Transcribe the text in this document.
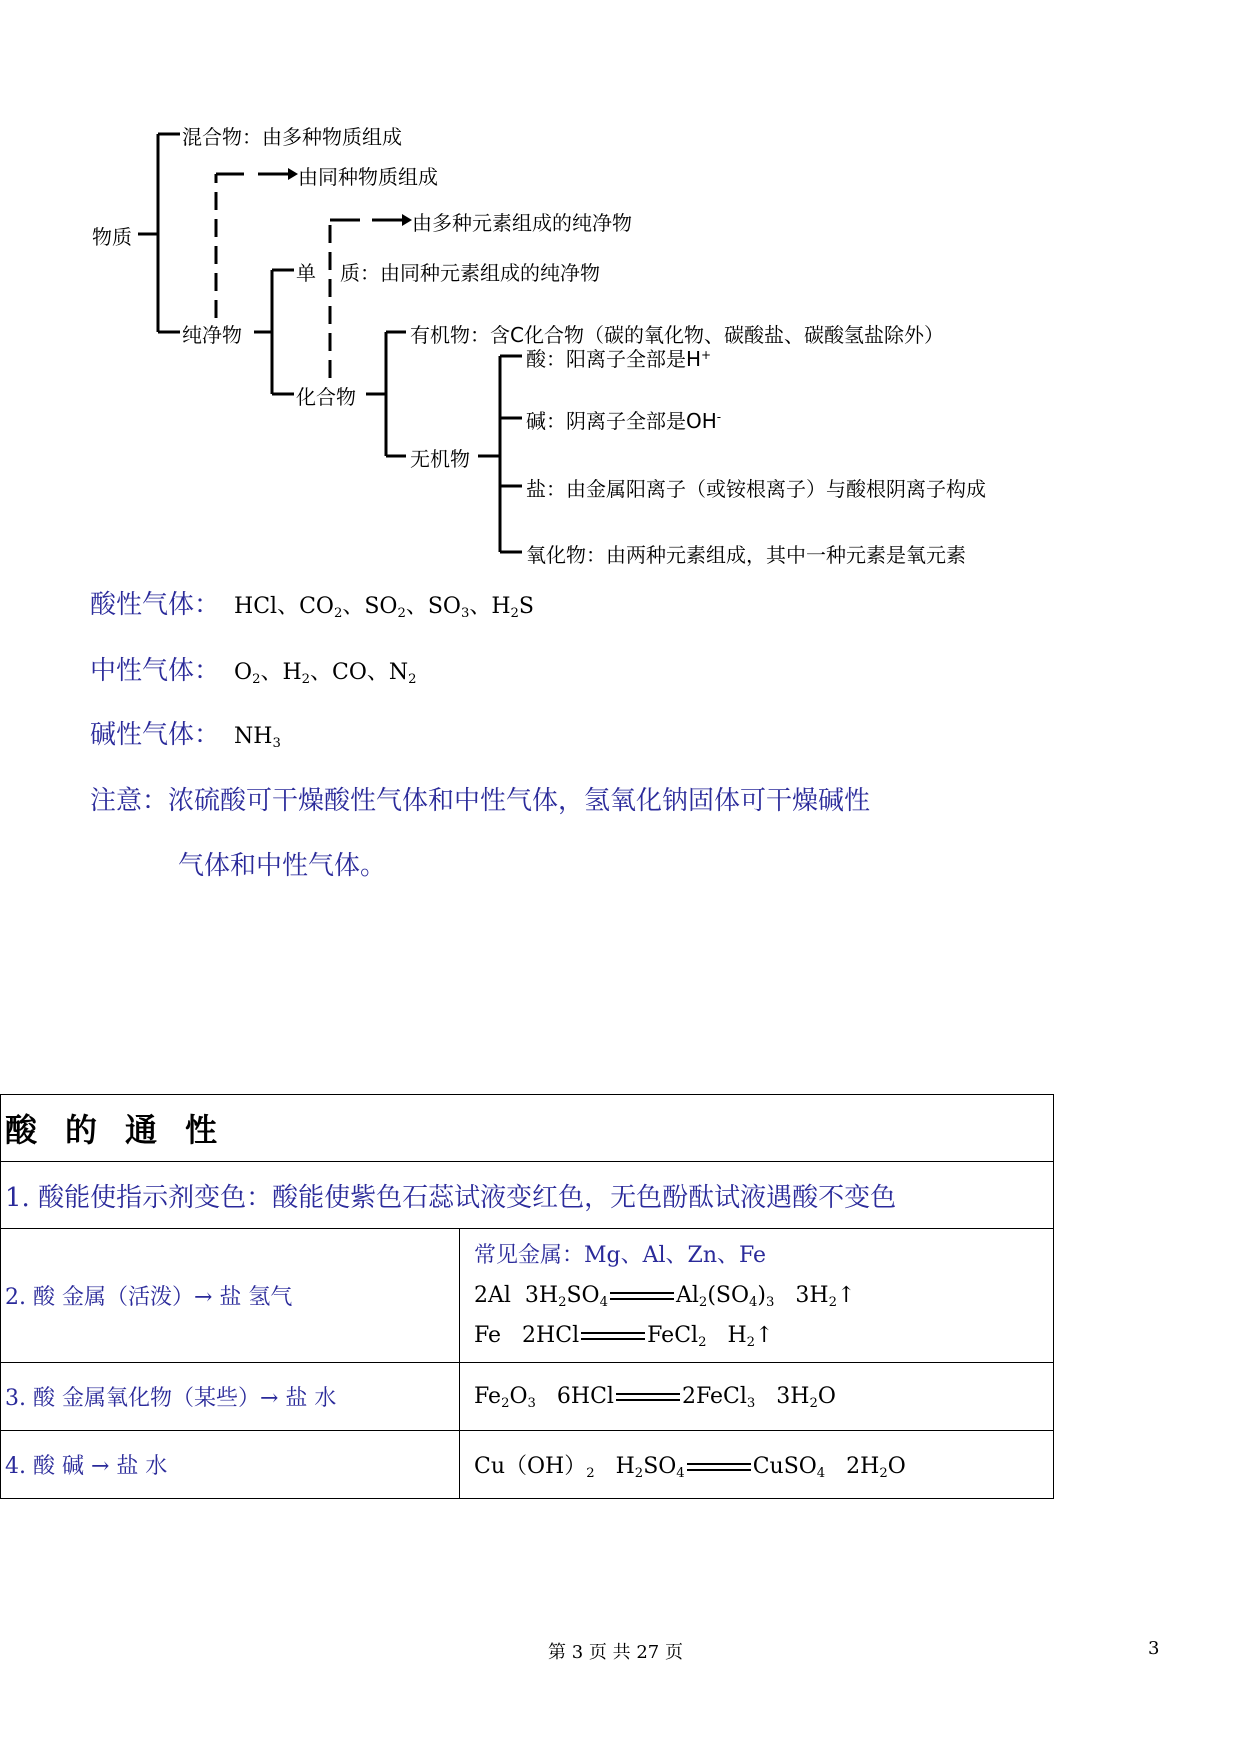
物质
混合物：由多种物质组成
由同种物质组成
纯净物
单 质：由同种元素组成的纯净物
由多种元素组成的纯净物
化合物
有机物：含C化合物（碳的氧化物、碳酸盐、碳酸氢盐除外）
无机物
酸：阳离子全部是H+
碱：阴离子全部是OH-
盐：由金属阳离子（或铵根离子）与酸根阴离子构成
氧化物：由两种元素组成，其中一种元素是氧元素
酸性气体： HCl、$CO_2$、$SO_2$、$SO_3$、$H_2S$
中性气体： $O_2$、$H_2$、CO、$N_2$
碱性气体： $NH_3$
注意：浓硫酸可干燥酸性气体和中性气体，氢氧化钠固体可干燥碱性
气体和中性气体。
酸的通性	
1. 酸能使指示剂变色：酸能使紫色石蕊试液变红色，无色酚酞试液遇酸不变色	
2. 酸 金属（活泼）→ 盐 氢气	常见金属：Mg、Al、Zn、Fe
2Al  $3H_2SO_4$ $Al_2(SO_4)_3$   $3H_2↑$
Fe   2HCl FeCl$_2$   $H_2↑$

3. 酸 金属氧化物（某些）→ 盐 水	$Fe_2O_3$   6HCl 2FeCl$_3$   $3H_2O$
4. 酸 碱 → 盐 水	$Cu(OH)_2$   $H_2SO_4$ CuSO$_4$   $2H_2O$
第 3 页 共 27 页	3
